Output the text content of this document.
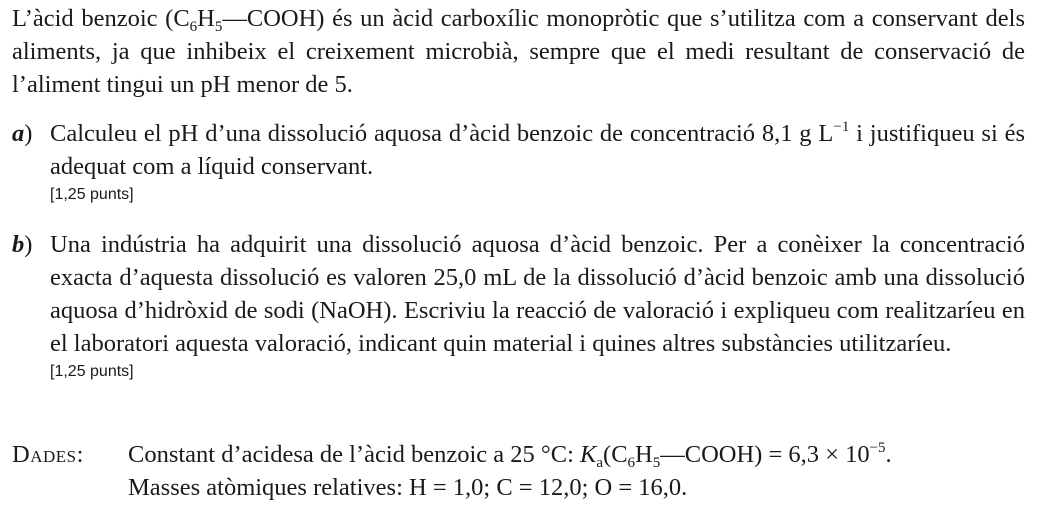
L’àcid benzoic $(C_6H_5—COOH)$ és un àcid carboxílic monopròtic que s’utilitza com a conservant dels aliments, ja que inhibeix el creixement microbià, sempre que el medi resultant de conservació de l’aliment tingui un pH menor de 5.
a) Calculeu el pH d’una dissolució aquosa d’àcid benzoic de concentració 8,1 g $L^{-1}$ i justifiqueu si és adequat com a líquid conservant.
[1,25 punts]
b) Una indústria ha adquirit una dissolució aquosa d’àcid benzoic. Per a conèixer la concentració exacta d’aquesta dissolució es valoren 25,0 mL de la dissolució d’àcid benzoic amb una dissolució aquosa d’hidròxid de sodi (NaOH). Escriviu la reacció de valoració i expliqueu com realitzaríeu en el laboratori aquesta valoració, indicant quin material i quines altres substàncies utilitzaríeu.
[1,25 punts]
Dades: Constant d’acidesa de l’àcid benzoic a 25 °C: $K_a(C_6H_5—COOH) = 6,3 \times 10^{-5}$.
Masses atòmiques relatives: H = 1,0; C = 12,0; O = 16,0.
